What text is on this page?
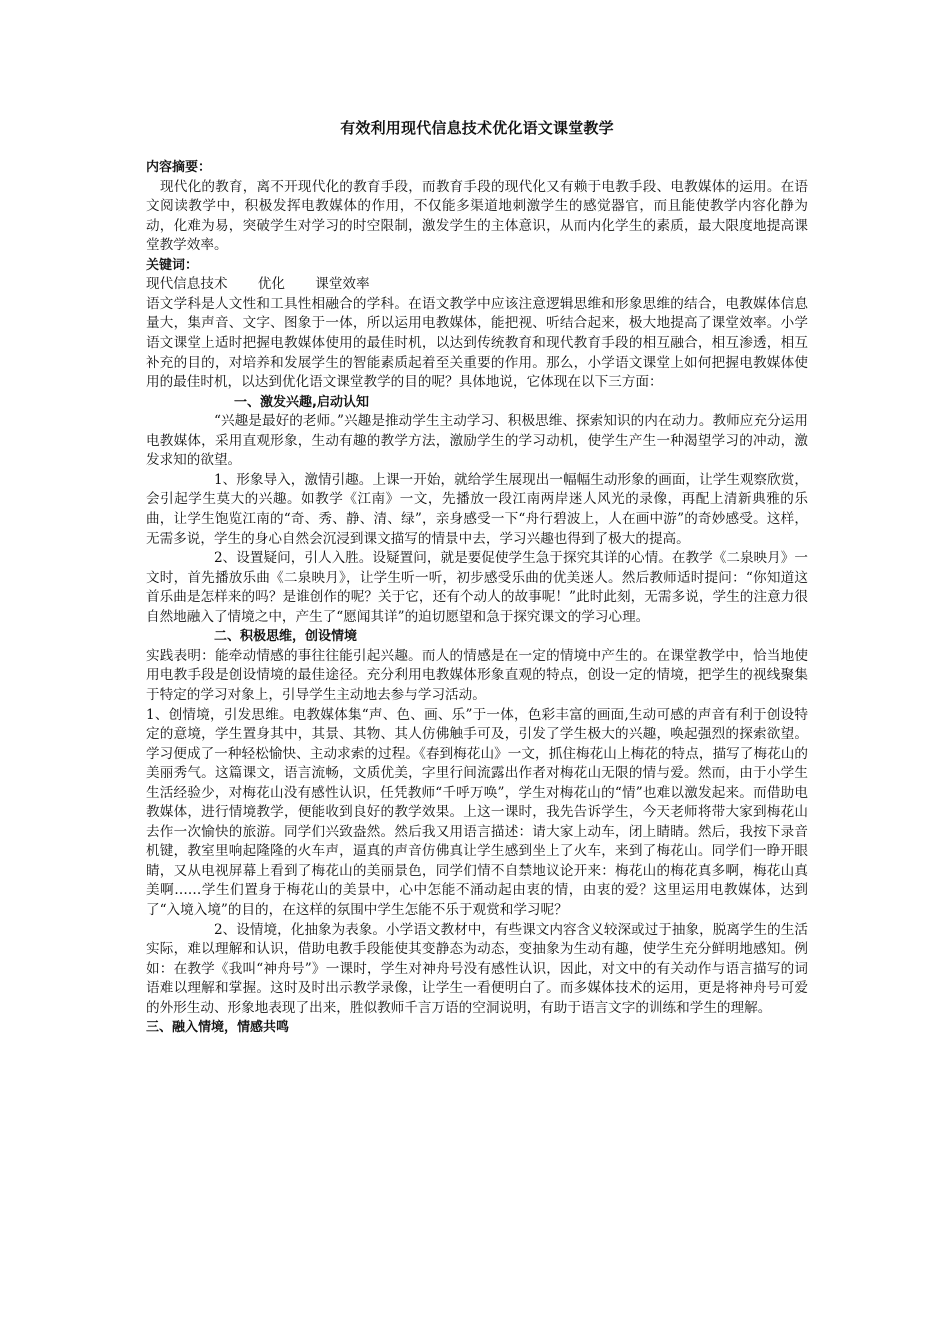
有效利用现代信息技术优化语文课堂教学
内容摘要：

现代化的教育，离不开现代化的教育手段，而教育手段的现代化又有赖于电教手段、电教媒体的运用。在语文阅读教学中，积极发挥电教媒体的作用，不仅能多渠道地刺激学生的感觉器官，而且能使教学内容化静为动，化难为易，突破学生对学习的时空限制，激发学生的主体意识，从而内化学生的素质，最大限度地提高课堂教学效率。

关键词：

现代信息技术       优化       课堂效率

语文学科是人文性和工具性相融合的学科。在语文教学中应该注意逻辑思维和形象思维的结合，电教媒体信息量大，集声音、文字、图象于一体，所以运用电教媒体，能把视、听结合起来，极大地提高了课堂效率。小学语文课堂上适时把握电教媒体使用的最佳时机，以达到传统教育和现代教育手段的相互融合，相互渗透，相互补充的目的，对培养和发展学生的智能素质起着至关重要的作用。那么，小学语文课堂上如何把握电教媒体使用的最佳时机，以达到优化语文课堂教学的目的呢？具体地说，它体现在以下三方面：

一、激发兴趣,启动认知

“兴趣是最好的老师。”兴趣是推动学生主动学习、积极思维、探索知识的内在动力。教师应充分运用电教媒体，采用直观形象，生动有趣的教学方法，激励学生的学习动机，使学生产生一种渴望学习的冲动，激发求知的欲望。

1、形象导入，激情引趣。上课一开始，就给学生展现出一幅幅生动形象的画面，让学生观察欣赏，会引起学生莫大的兴趣。如教学《江南》一文，先播放一段江南两岸迷人风光的录像，再配上清新典雅的乐曲，让学生饱览江南的“奇、秀、静、清、绿”，亲身感受一下“舟行碧波上，人在画中游”的奇妙感受。这样，无需多说，学生的身心自然会沉浸到课文描写的情景中去，学习兴趣也得到了极大的提高。

2、设置疑问，引人入胜。设疑置问，就是要促使学生急于探究其详的心情。在教学《二泉映月》一文时，首先播放乐曲《二泉映月》，让学生听一听，初步感受乐曲的优美迷人。然后教师适时提问：“你知道这首乐曲是怎样来的吗？是谁创作的呢？关于它，还有个动人的故事呢！”此时此刻，无需多说，学生的注意力很自然地融入了情境之中，产生了“愿闻其详”的迫切愿望和急于探究课文的学习心理。

二、积极思维，创设情境

实践表明：能牵动情感的事往往能引起兴趣。而人的情感是在一定的情境中产生的。在课堂教学中，恰当地使用电教手段是创设情境的最佳途径。充分利用电教媒体形象直观的特点，创设一定的情境，把学生的视线聚集于特定的学习对象上，引导学生主动地去参与学习活动。

1、创情境，引发思维。电教媒体集“声、色、画、乐”于一体，色彩丰富的画面,生动可感的声音有利于创设特定的意境，学生置身其中，其景、其物、其人仿佛触手可及，引发了学生极大的兴趣，唤起强烈的探索欲望。学习便成了一种轻松愉快、主动求索的过程。《春到梅花山》一文，抓住梅花山上梅花的特点，描写了梅花山的美丽秀气。这篇课文，语言流畅，文质优美，字里行间流露出作者对梅花山无限的情与爱。然而，由于小学生生活经验少，对梅花山没有感性认识，任凭教师“千呼万唤”，学生对梅花山的“情”也难以激发起来。而借助电教媒体，进行情境教学，便能收到良好的教学效果。上这一课时，我先告诉学生，今天老师将带大家到梅花山去作一次愉快的旅游。同学们兴致盎然。然后我又用语言描述：请大家上动车，闭上睛睛。然后，我按下录音机键，教室里响起隆隆的火车声，逼真的声音仿佛真让学生感到坐上了火车，来到了梅花山。同学们一睁开眼睛，又从电视屏幕上看到了梅花山的美丽景色，同学们情不自禁地议论开来：梅花山的梅花真多啊，梅花山真美啊……学生们置身于梅花山的美景中，心中怎能不涌动起由衷的情，由衷的爱？这里运用电教媒体，达到了“入境入境”的目的，在这样的氛围中学生怎能不乐于观赏和学习呢？

2、设情境，化抽象为表象。小学语文教材中，有些课文内容含义较深或过于抽象，脱离学生的生活实际，难以理解和认识，借助电教手段能使其变静态为动态，变抽象为生动有趣，使学生充分鲜明地感知。例如：在教学《我叫“神舟号”》一课时，学生对神舟号没有感性认识，因此，对文中的有关动作与语言描写的词语难以理解和掌握。这时及时出示教学录像，让学生一看便明白了。而多媒体技术的运用，更是将神舟号可爱的外形生动、形象地表现了出来，胜似教师千言万语的空洞说明，有助于语言文字的训练和学生的理解。

三、融入情境，情感共鸣
